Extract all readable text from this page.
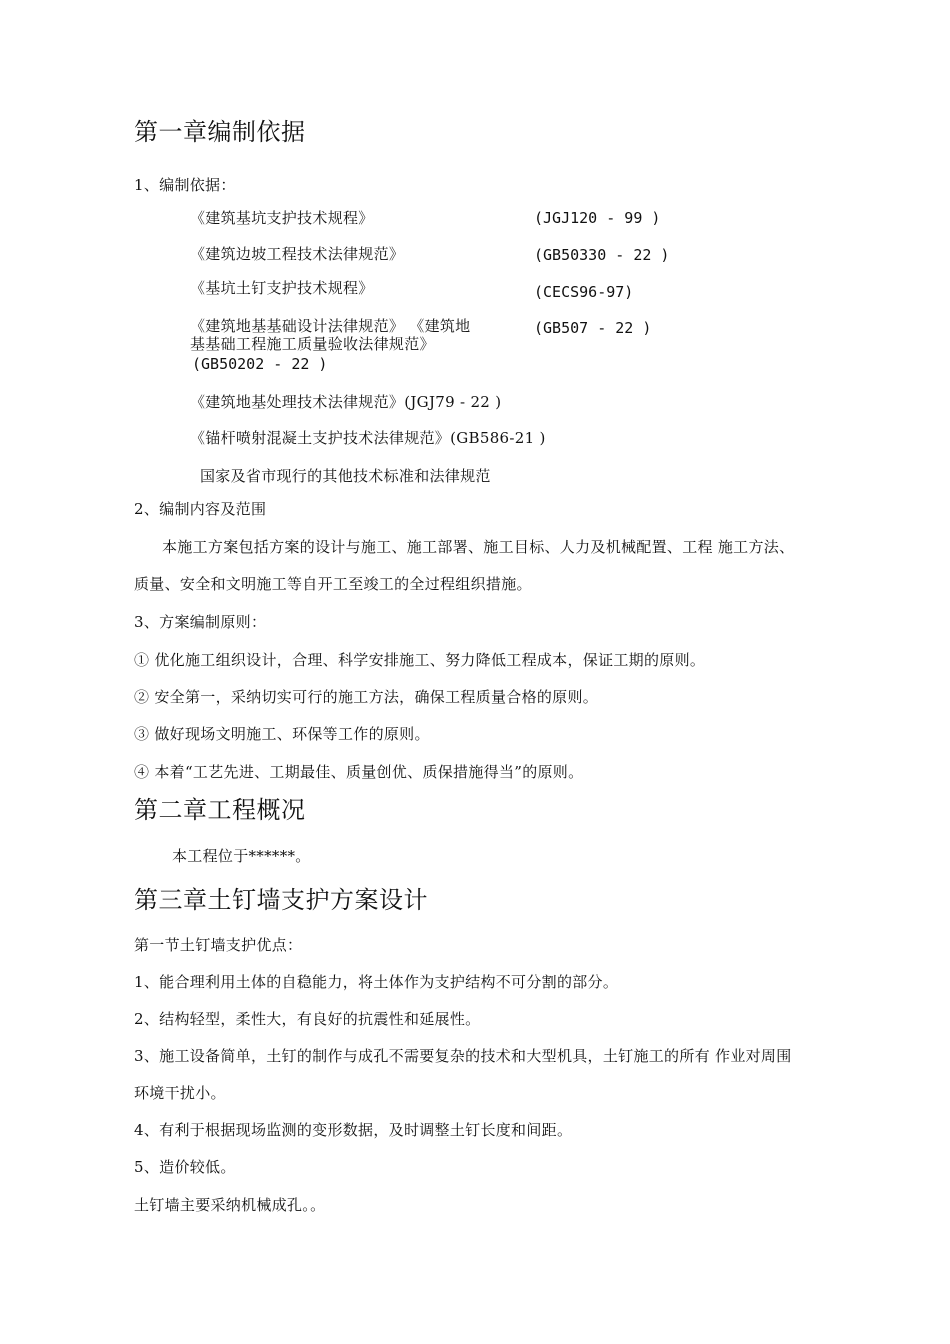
第一章编制依据
1、编制依据：
《建筑基坑支护技术规程》	(JGJ120 - 99 )
《建筑边坡工程技术法律规范》	(GB50330 - 22 )
《基坑土钉支护技术规程》	(CECS96-97)
《建筑地基基础设计法律规范》 《建筑地	(GB507 - 22 )
基基础工程施工质量验收法律规范》
(GB50202 - 22 )
《建筑地基处理技术法律规范》(JGJ79 - 22 )
《锚杆喷射混凝土支护技术法律规范》(GB586-21 )
国家及省市现行的其他技术标准和法律规范
2、编制内容及范围
本施工方案包括方案的设计与施工、施工部署、施工目标、人力及机械配置、工程 施工方法、
质量、安全和文明施工等自开工至竣工的全过程组织措施。
3、方案编制原则：
① 优化施工组织设计，合理、科学安排施工、努力降低工程成本，保证工期的原则。
② 安全第一，采纳切实可行的施工方法，确保工程质量合格的原则。
③ 做好现场文明施工、环保等工作的原则。
④ 本着“工艺先进、工期最佳、质量创优、质保措施得当”的原则。
第二章工程概况
本工程位于******。
第三章土钉墙支护方案设计
第一节土钉墙支护优点：
1、能合理利用土体的自稳能力，将土体作为支护结构不可分割的部分。
2、结构轻型，柔性大，有良好的抗震性和延展性。
3、施工设备简单，土钉的制作与成孔不需要复杂的技术和大型机具，土钉施工的所有 作业对周围
环境干扰小。
4、有利于根据现场监测的变形数据，及时调整土钉长度和间距。
5、造价较低。
土钉墙主要采纳机械成孔。。
